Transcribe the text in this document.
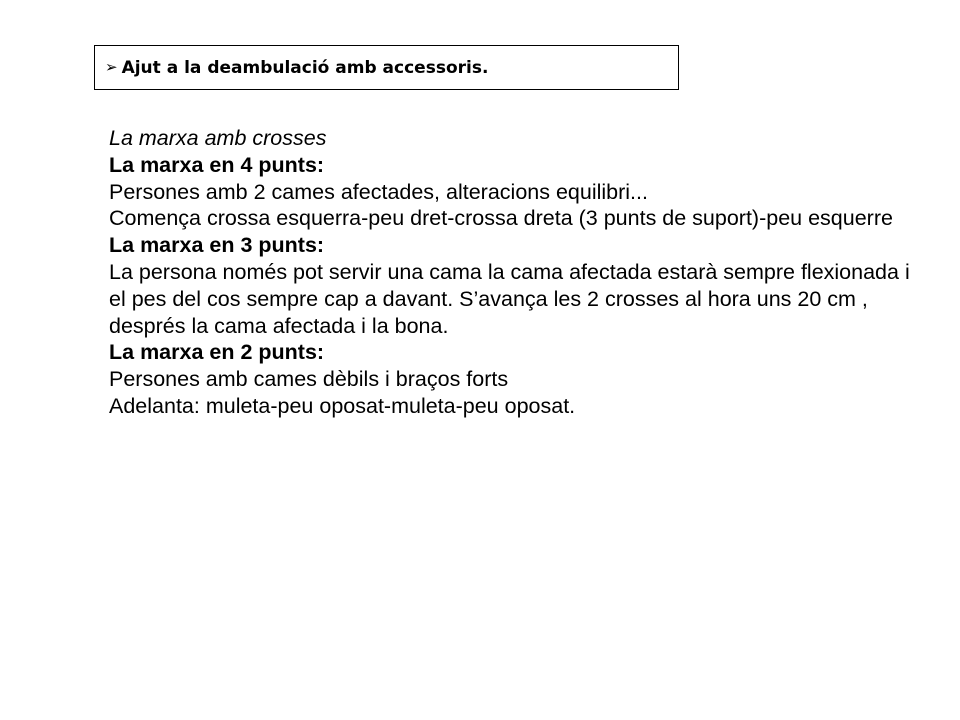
➢ Ajut a la deambulació amb accessoris.

La marxa amb crosses

La marxa en 4 punts:

Persones amb 2 cames afectades, alteracions equilibri...

Comença crossa esquerra-peu dret-crossa dreta (3 punts de suport)-peu esquerre

La marxa en 3 punts:

La persona només pot servir una cama la cama afectada estarà sempre flexionada i el pes del cos sempre cap a davant. S’avança les 2 crosses al hora uns 20 cm , després la cama afectada i la bona.

La marxa en 2 punts:

Persones amb cames dèbils i braços forts

Adelanta: muleta-peu oposat-muleta-peu oposat.
